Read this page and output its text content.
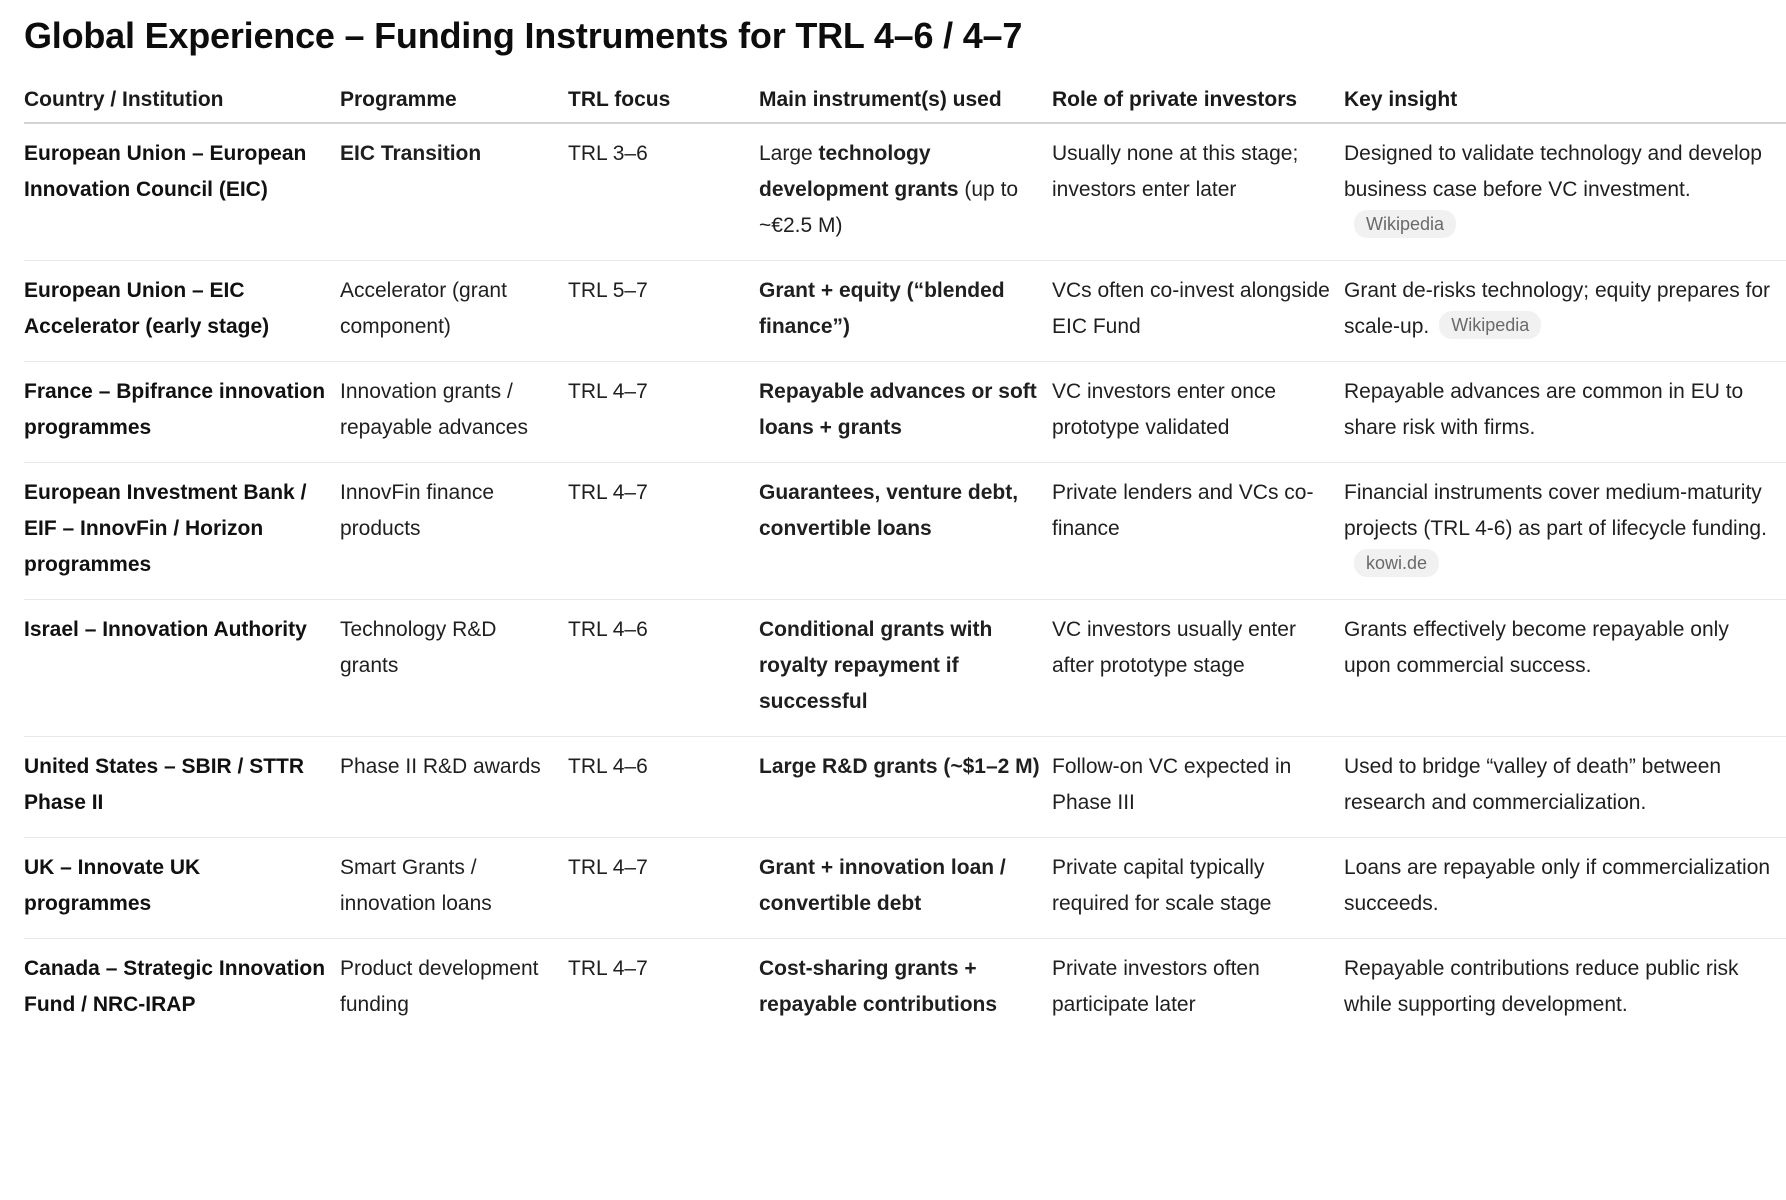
Global Experience – Funding Instruments for TRL 4–6 / 4–7
Country / Institution	Programme	TRL focus	Main instrument(s) used	Role of private investors	Key insight
European Union – European Innovation Council (EIC)	EIC Transition	TRL 3–6	Large technology development grants (up to ~€2.5 M)	Usually none at this stage; investors enter later	Designed to validate technology and develop business case before VC investment.Wikipedia
European Union – EIC Accelerator (early stage)	Accelerator (grant component)	TRL 5–7	Grant + equity (“blended finance”)	VCs often co-invest alongside EIC Fund	Grant de-risks technology; equity prepares for scale-up. Wikipedia
France – Bpifrance innovation programmes	Innovation grants / repayable advances	TRL 4–7	Repayable advances or soft loans + grants	VC investors enter once prototype validated	Repayable advances are common in EU to share risk with firms.
European Investment Bank / EIF – InnovFin / Horizon programmes	InnovFin finance products	TRL 4–7	Guarantees, venture debt, convertible loans	Private lenders and VCs co-finance	Financial instruments cover medium-maturity projects (TRL 4-6) as part of lifecycle funding.kowi.de
Israel – Innovation Authority	Technology R&D grants	TRL 4–6	Conditional grants with royalty repayment if successful	VC investors usually enter after prototype stage	Grants effectively become repayable only upon commercial success.
United States – SBIR / STTR Phase II	Phase II R&D awards	TRL 4–6	Large R&D grants (~$1–2 M)	Follow-on VC expected in Phase III	Used to bridge “valley of death” between research and commercialization.
UK – Innovate UK programmes	Smart Grants / innovation loans	TRL 4–7	Grant + innovation loan / convertible debt	Private capital typically required for scale stage	Loans are repayable only if commercialization succeeds.
Canada – Strategic Innovation Fund / NRC-IRAP	Product development funding	TRL 4–7	Cost-sharing grants + repayable contributions	Private investors often participate later	Repayable contributions reduce public risk while supporting development.
